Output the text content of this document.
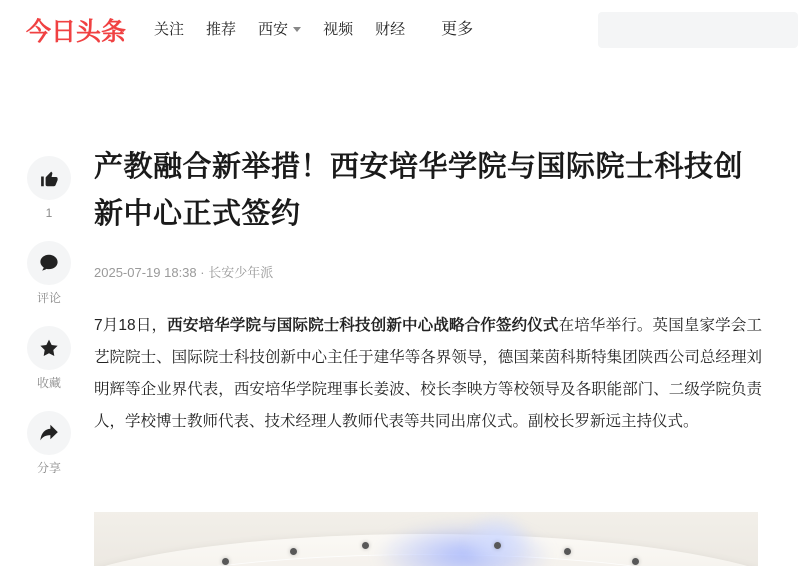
今日头条 关注 推荐 西安 视频 财经 更多
1
评论
收藏
分享
产教融合新举措！西安培华学院与国际院士科技创新中心正式签约
2025-07-19 18:38 · 长安少年派

7月18日，西安培华学院与国际院士科技创新中心战略合作签约仪式在培华举行。英国皇家学会工艺院院士、国际院士科技创新中心主任于建华等各界领导，德国莱茵科斯特集团陕西公司总经理刘明辉等企业界代表，西安培华学院理事长姜波、校长李映方等校领导及各职能部门、二级学院负责人，学校博士教师代表、技术经理人教师代表等共同出席仪式。副校长罗新远主持仪式。
